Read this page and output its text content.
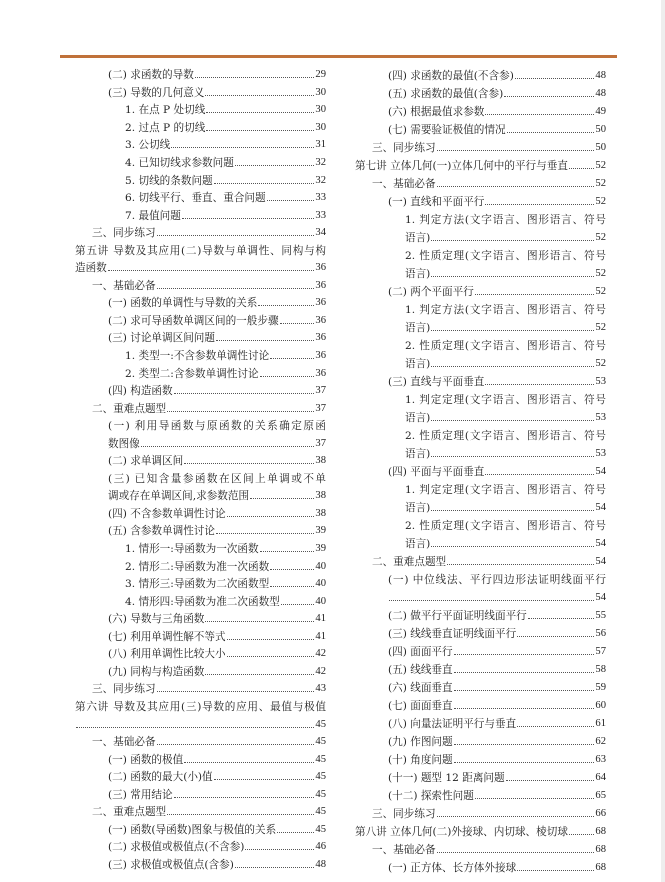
(二) 求函数的导数	29
(三) 导数的几何意义	30
1. 在点 P 处切线	30
2. 过点 P 的切线	30
3. 公切线	31
4. 已知切线求参数问题	32
5. 切线的条数问题	32
6. 切线平行、垂直、重合问题	33
7. 最值问题	33
三、同步练习	34
第五讲 导数及其应用(二)导数与单调性、同构与构
造函数	36
一、基础必备	36
(一) 函数的单调性与导数的关系	36
(二) 求可导函数单调区间的一般步骤	36
(三) 讨论单调区间问题	36
1. 类型一:不含参数单调性讨论	36
2. 类型二:含参数单调性讨论	36
(四) 构造函数	37
二、重难点题型	37
(一) 利用导函数与原函数的关系确定原函
数图像	37
(二) 求单调区间	38
(三) 已知含量参函数在区间上单调或不单
调或存在单调区间,求参数范围	38
(四) 不含参数单调性讨论	38
(五) 含参数单调性讨论	39
1. 情形一:导函数为一次函数	39
2. 情形二:导函数为准一次函数	40
3. 情形三:导函数为二次函数型	40
4. 情形四:导函数为准二次函数型	40
(六) 导数与三角函数	41
(七) 利用单调性解不等式	41
(八) 利用单调性比较大小	42
(九) 同构与构造函数	42
三、同步练习	43
第六讲 导数及其应用(三)导数的应用、最值与极值
45
一、基础必备	45
(一) 函数的极值	45
(二) 函数的最大(小)值	45
(三) 常用结论	45
二、重难点题型	45
(一) 函数(导函数)图象与极值的关系	45
(二) 求极值或极值点(不含参)	46
(三) 求极值或极值点(含参)	48
(四) 求函数的最值(不含参)	48
(五) 求函数的最值(含参)	48
(六) 根据最值求参数	49
(七) 需要验证极值的情况	50
三、同步练习	50
第七讲 立体几何(一)立体几何中的平行与垂直	52
一、基础必备	52
(一) 直线和平面平行	52
1. 判定方法(文字语言、图形语言、符号
语言)	52
2. 性质定理(文字语言、图形语言、符号
语言)	52
(二) 两个平面平行	52
1. 判定方法(文字语言、图形语言、符号
语言)	52
2. 性质定理(文字语言、图形语言、符号
语言)	52
(三) 直线与平面垂直	53
1. 判定定理(文字语言、图形语言、符号
语言)	53
2. 性质定理(文字语言、图形语言、符号
语言)	53
(四) 平面与平面垂直	54
1. 判定定理(文字语言、图形语言、符号
语言)	54
2. 性质定理(文字语言、图形语言、符号
语言)	54
二、重难点题型	54
(一) 中位线法、平行四边形法证明线面平行
54
(二) 做平行平面证明线面平行	55
(三) 线线垂直证明线面平行	56
(四) 面面平行	57
(五) 线线垂直	58
(六) 线面垂直	59
(七) 面面垂直	60
(八) 向量法证明平行与垂直	61
(九) 作图问题	62
(十) 角度问题	63
(十一) 题型 12 距离问题	64
(十二) 探索性问题	65
三、同步练习	66
第八讲 立体几何(二)外接球、内切球、棱切球	68
一、基础必备	68
(一) 正方体、长方体外接球	68
